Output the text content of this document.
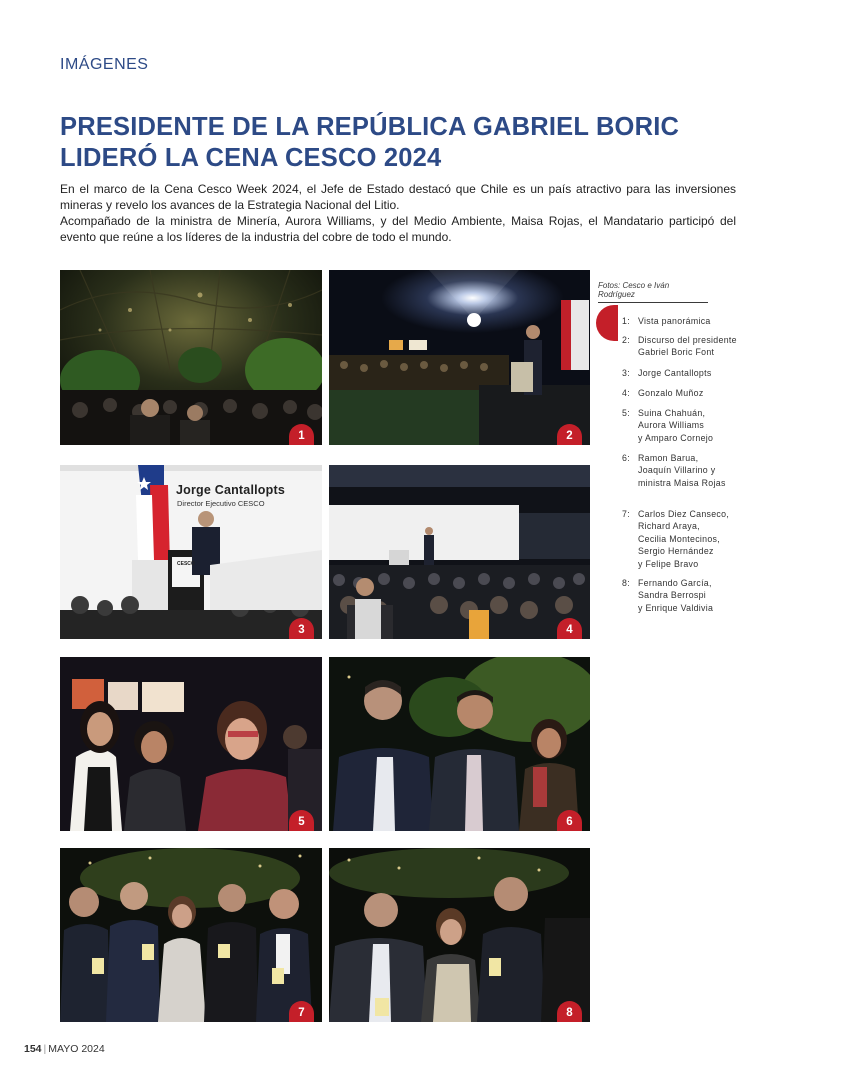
IMÁGENES
PRESIDENTE DE LA REPÚBLICA GABRIEL BORIC
LIDERÓ LA CENA CESCO 2024

En el marco de la Cena Cesco Week 2024, el Jefe de Estado destacó que Chile es un país atractivo para las inversiones mineras y revelo los avances de la Estrategia Nacional del Litio.

Acompañado de la ministra de Minería, Aurora Williams, y del Medio Ambiente, Maisa Rojas, el Mandatario participó del evento que reúne a los líderes de la industria del cobre de todo el mundo.

1	2
Jorge Cantallopts
Director Ejecutivo CESCO
CESCO
3	4
5	6
7	8
Fotos: Cesco e Iván Rodríguez
1: Vista panorámica
2: Discurso del presidente
Gabriel Boric Font
3: Jorge Cantallopts
4: Gonzalo Muñoz
5: Suina Chahuán,
Aurora Williams
y Amparo Cornejo
6: Ramon Barua,
Joaquín Villarino y
ministra Maisa Rojas
7: Carlos Diez Canseco,
Richard Araya,
Cecilia Montecinos,
Sergio Hernández
y Felipe Bravo
8: Fernando García,
Sandra Berrospi
y Enrique Valdivia
154 | MAYO 2024
